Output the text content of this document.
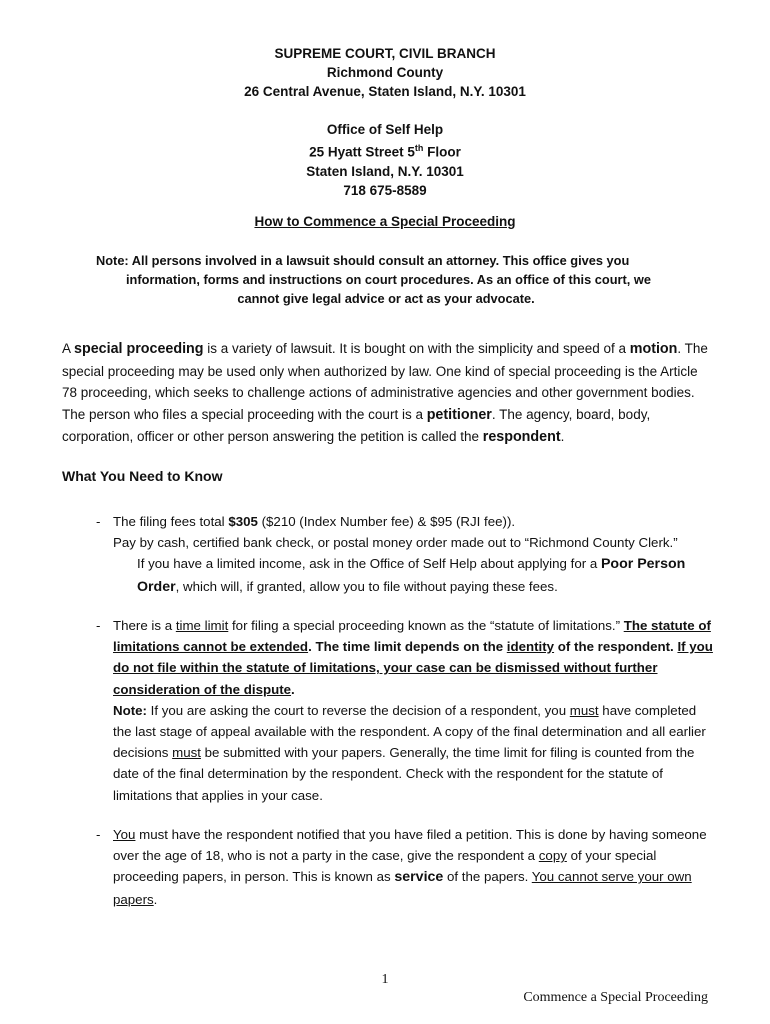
SUPREME COURT, CIVIL BRANCH
Richmond County
26 Central Avenue, Staten Island, N.Y. 10301
Office of Self Help
25 Hyatt Street 5th Floor
Staten Island, N.Y. 10301
718 675-8589
How to Commence a Special Proceeding
Note: All persons involved in a lawsuit should consult an attorney. This office gives you
information, forms and instructions on court procedures. As an office of this court, we
cannot give legal advice or act as your advocate.
A special proceeding is a variety of lawsuit. It is bought on with the simplicity and speed of a motion. The special proceeding may be used only when authorized by law. One kind of special proceeding is the Article 78 proceeding, which seeks to challenge actions of administrative agencies and other government bodies. The person who files a special proceeding with the court is a petitioner. The agency, board, body, corporation, officer or other person answering the petition is called the respondent.
What You Need to Know
- The filing fees total $305 ($210 (Index Number fee) & $95 (RJI fee)).
Pay by cash, certified bank check, or postal money order made out to “Richmond County Clerk.”
If you have a limited income, ask in the Office of Self Help about applying for a Poor Person Order, which will, if granted, allow you to file without paying these fees.
- There is a time limit for filing a special proceeding known as the “statute of limitations.” The statute of limitations cannot be extended. The time limit depends on the identity of the respondent. If you do not file within the statute of limitations, your case can be dismissed without further consideration of the dispute.
Note: If you are asking the court to reverse the decision of a respondent, you must have completed the last stage of appeal available with the respondent. A copy of the final determination and all earlier decisions must be submitted with your papers. Generally, the time limit for filing is counted from the date of the final determination by the respondent. Check with the respondent for the statute of limitations that applies in your case.
- You must have the respondent notified that you have filed a petition. This is done by having someone over the age of 18, who is not a party in the case, give the respondent a copy of your special proceeding papers, in person. This is known as service of the papers. You cannot serve your own papers.
1
Commence a Special Proceeding
